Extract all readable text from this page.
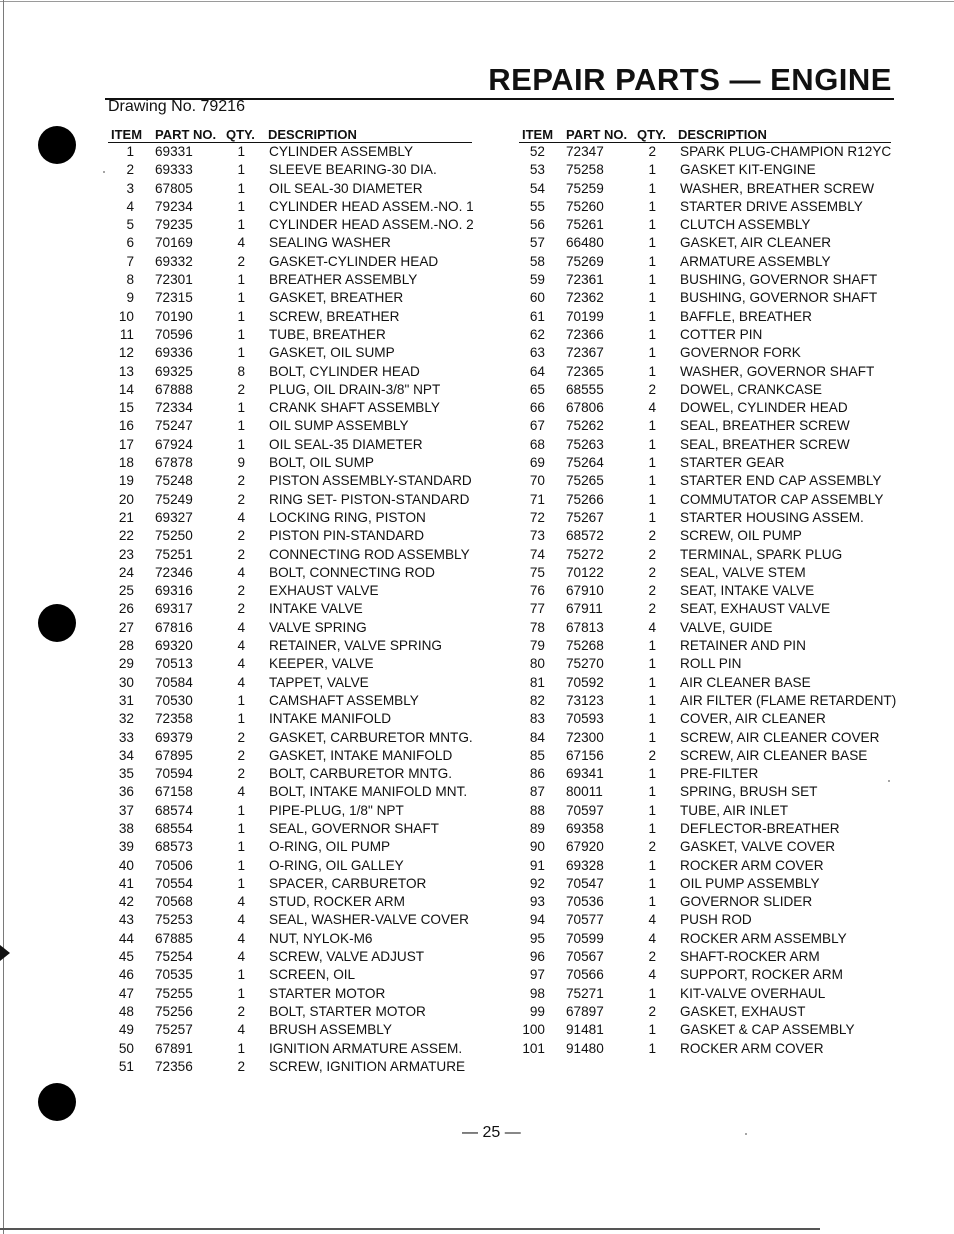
REPAIR PARTS — ENGINE
Drawing No. 79216
ITEM PART NO. QTY. DESCRIPTION
1 69331	1 CYLINDER ASSEMBLY
2 69333	1 SLEEVE BEARING-30 DIA.
3 67805	1 OIL SEAL-30 DIAMETER
4 79234	1 CYLINDER HEAD ASSEM.-NO. 1
5 79235	1 CYLINDER HEAD ASSEM.-NO. 2
6 70169	4 SEALING WASHER
7 69332	2 GASKET-CYLINDER HEAD
8 72301	1 BREATHER ASSEMBLY
9 72315	1 GASKET, BREATHER
10 70190	1 SCREW, BREATHER
11 70596	1 TUBE, BREATHER
12 69336	1 GASKET, OIL SUMP
13 69325	8 BOLT, CYLINDER HEAD
14 67888	2 PLUG, OIL DRAIN-3/8" NPT
15 72334	1 CRANK SHAFT ASSEMBLY
16 75247	1 OIL SUMP ASSEMBLY
17 67924	1 OIL SEAL-35 DIAMETER
18 67878	9 BOLT, OIL SUMP
19 75248	2 PISTON ASSEMBLY-STANDARD
20 75249	2 RING SET- PISTON-STANDARD
21 69327	4 LOCKING RING, PISTON
22 75250	2 PISTON PIN-STANDARD
23 75251	2 CONNECTING ROD ASSEMBLY
24 72346	4 BOLT, CONNECTING ROD
25 69316	2 EXHAUST VALVE
26 69317	2 INTAKE VALVE
27 67816	4 VALVE SPRING
28 69320	4 RETAINER, VALVE SPRING
29 70513	4 KEEPER, VALVE
30 70584	4 TAPPET, VALVE
31 70530	1 CAMSHAFT ASSEMBLY
32 72358	1 INTAKE MANIFOLD
33 69379	2 GASKET, CARBURETOR MNTG.
34 67895	2 GASKET, INTAKE MANIFOLD
35 70594	2 BOLT, CARBURETOR MNTG.
36 67158	4 BOLT, INTAKE MANIFOLD MNT.
37 68574	1 PIPE-PLUG, 1/8" NPT
38 68554	1 SEAL, GOVERNOR SHAFT
39 68573	1 O-RING, OIL PUMP
40 70506	1 O-RING, OIL GALLEY
41 70554	1 SPACER, CARBURETOR
42 70568	4 STUD, ROCKER ARM
43 75253	4 SEAL, WASHER-VALVE COVER
44 67885	4 NUT, NYLOK-M6
45 75254	4 SCREW, VALVE ADJUST
46 70535	1 SCREEN, OIL
47 75255	1 STARTER MOTOR
48 75256	2 BOLT, STARTER MOTOR
49 75257	4 BRUSH ASSEMBLY
50 67891	1 IGNITION ARMATURE ASSEM.
51 72356	2 SCREW, IGNITION ARMATURE
ITEM PART NO. QTY. DESCRIPTION
52 72347	2 SPARK PLUG-CHAMPION R12YC
53 75258	1 GASKET KIT-ENGINE
54 75259	1 WASHER, BREATHER SCREW
55 75260	1 STARTER DRIVE ASSEMBLY
56 75261	1 CLUTCH ASSEMBLY
57 66480	1 GASKET, AIR CLEANER
58 75269	1 ARMATURE ASSEMBLY
59 72361	1 BUSHING, GOVERNOR SHAFT
60 72362	1 BUSHING, GOVERNOR SHAFT
61 70199	1 BAFFLE, BREATHER
62 72366	1 COTTER PIN
63 72367	1 GOVERNOR FORK
64 72365	1 WASHER, GOVERNOR SHAFT
65 68555	2 DOWEL, CRANKCASE
66 67806	4 DOWEL, CYLINDER HEAD
67 75262	1 SEAL, BREATHER SCREW
68 75263	1 SEAL, BREATHER SCREW
69 75264	1 STARTER GEAR
70 75265	1 STARTER END CAP ASSEMBLY
71 75266	1 COMMUTATOR CAP ASSEMBLY
72 75267	1 STARTER HOUSING ASSEM.
73 68572	2 SCREW, OIL PUMP
74 75272	2 TERMINAL, SPARK PLUG
75 70122	2 SEAL, VALVE STEM
76 67910	2 SEAT, INTAKE VALVE
77 67911	2 SEAT, EXHAUST VALVE
78 67813	4 VALVE, GUIDE
79 75268	1 RETAINER AND PIN
80 75270	1 ROLL PIN
81 70592	1 AIR CLEANER BASE
82 73123	1 AIR FILTER (FLAME RETARDENT)
83 70593	1 COVER, AIR CLEANER
84 72300	1 SCREW, AIR CLEANER COVER
85 67156	2 SCREW, AIR CLEANER BASE
86 69341	1 PRE-FILTER
87 80011	1 SPRING, BRUSH SET
88 70597	1 TUBE, AIR INLET
89 69358	1 DEFLECTOR-BREATHER
90 67920	2 GASKET, VALVE COVER
91 69328	1 ROCKER ARM COVER
92 70547	1 OIL PUMP ASSEMBLY
93 70536	1 GOVERNOR SLIDER
94 70577	4 PUSH ROD
95 70599	4 ROCKER ARM ASSEMBLY
96 70567	2 SHAFT-ROCKER ARM
97 70566	4 SUPPORT, ROCKER ARM
98 75271	1 KIT-VALVE OVERHAUL
99 67897	2 GASKET, EXHAUST
100 91481	1 GASKET & CAP ASSEMBLY
101 91480	1 ROCKER ARM COVER
— 25 —
